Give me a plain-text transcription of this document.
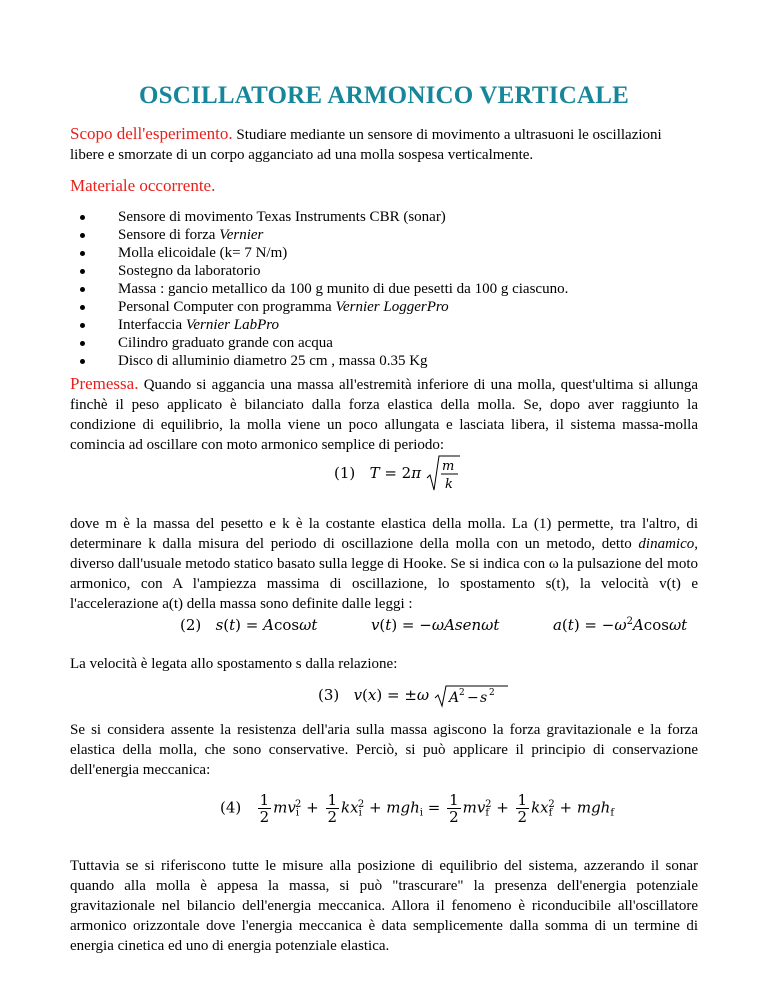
OSCILLATORE ARMONICO VERTICALE
Scopo dell'esperimento. Studiare mediante un sensore di movimento a ultrasuoni le oscillazioni
libere e smorzate di un corpo agganciato ad una molla sospesa verticalmente.
Materiale occorrente.
Sensore di movimento Texas Instruments CBR (sonar)
Sensore di forza Vernier
Molla elicoidale (k= 7 N/m)
Sostegno da laboratorio
Massa : gancio metallico da 100 g munito di due pesetti da 100 g ciascuno.
Personal Computer con programma Vernier LoggerPro
Interfaccia Vernier LabPro
Cilindro graduato grande con acqua
Disco di alluminio diametro 25 cm , massa 0.35 Kg
Premessa. Quando si aggancia una massa all'estremità inferiore di una molla, quest'ultima si allunga finchè il peso applicato è bilanciato dalla forza elastica della molla. Se, dopo aver raggiunto la condizione di equilibrio, la molla viene un poco allungata e lasciata libera, il sistema massa-molla comincia ad oscillare con moto armonico semplice di periodo:
(1) T = 2π m
k
dove m è la massa del pesetto e k è la costante elastica della molla. La (1) permette, tra l'altro, di determinare k dalla misura del periodo di oscillazione della molla con un metodo, detto dinamico, diverso dall'usuale metodo statico basato sulla legge di Hooke. Se si indica con ω la pulsazione del moto armonico, con A l'ampiezza massima di oscillazione, lo spostamento s(t), la velocità v(t) e l'accelerazione a(t) della massa sono definite dalle leggi :
(2) s(t) = Acosωt	v(t) = −ωAsenωt	$a(t) = -\omega^2Acos\omega t$
La velocità è legata allo spostamento s dalla relazione:
(3) v(x) = ±ω A 2 − s 2
Se si considera assente la resistenza dell'aria sulla massa agiscono la forza gravitazionale e la forza elastica della molla, che sono conservative. Perciò, si può applicare il principio di conservazione dell'energia meccanica:
$(4) \frac{1}{2} mv_i^2 + \frac{1}{2} kx_i^2 + mgh_i = \frac{1}{2} mv_f^2 + \frac{1}{2} kx_f^2 + mgh_f$
Tuttavia se si riferiscono tutte le misure alla posizione di equilibrio del sistema, azzerando il sonar quando alla molla è appesa la massa, si può "trascurare" la presenza dell'energia potenziale gravitazionale nel bilancio dell'energia meccanica. Allora il fenomeno è riconducibile all'oscillatore armonico orizzontale dove l'energia meccanica è data semplicemente dalla somma di un termine di energia cinetica ed uno di energia potenziale elastica.
